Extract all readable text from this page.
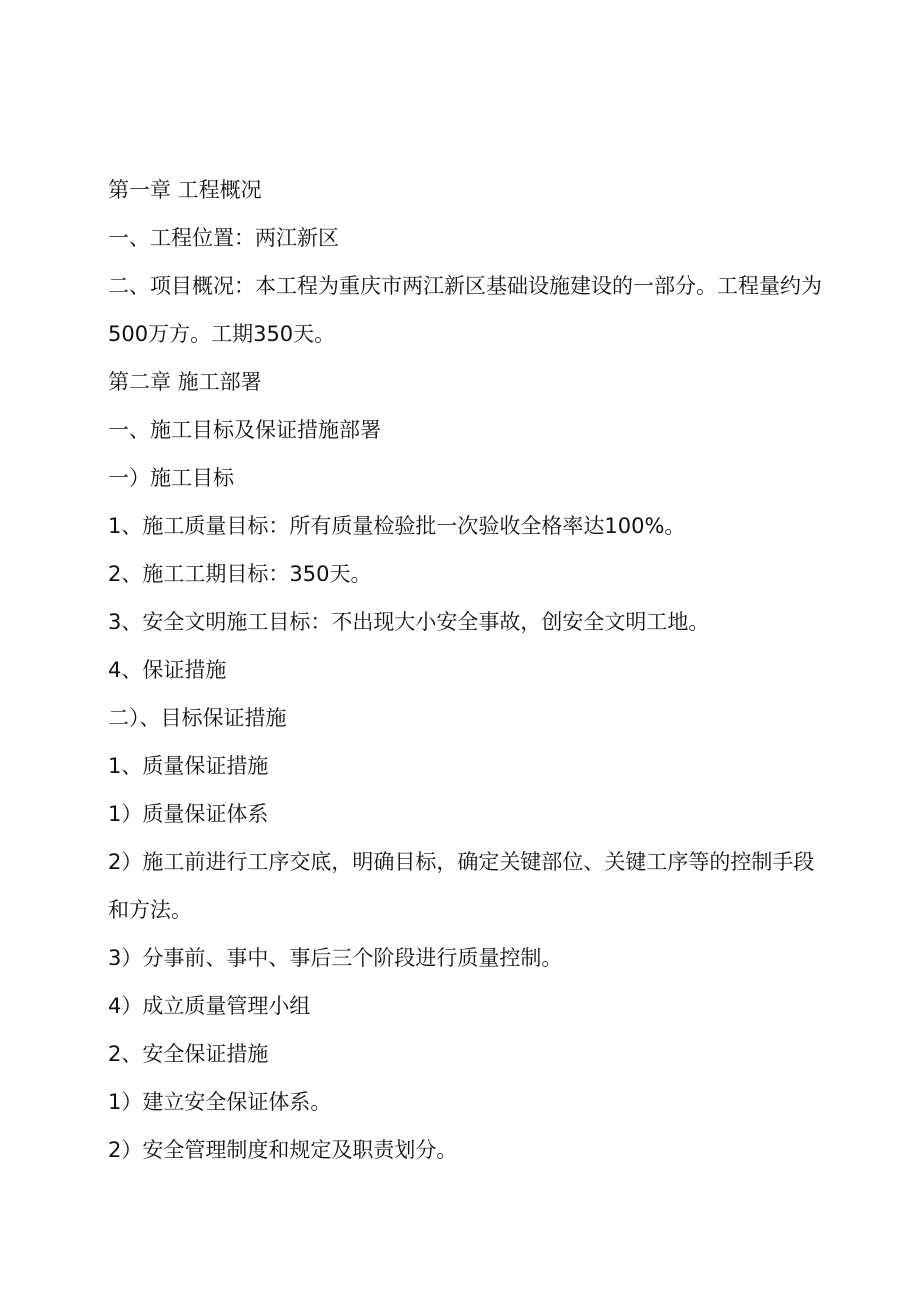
第一章 工程概况

一、工程位置：两江新区

二、项目概况：本工程为重庆市两江新区基础设施建设的一部分。工程量约为500万方。工期350天。

第二章 施工部署

一、施工目标及保证措施部署

一）施工目标

1、施工质量目标：所有质量检验批一次验收全格率达100%。

2、施工工期目标：350天。

3、安全文明施工目标：不出现大小安全事故，创安全文明工地。

4、保证措施

二）、目标保证措施

1、质量保证措施

1）质量保证体系

2）施工前进行工序交底，明确目标，确定关键部位、关键工序等的控制手段和方法。

3）分事前、事中、事后三个阶段进行质量控制。

4）成立质量管理小组

2、安全保证措施

1）建立安全保证体系。

2）安全管理制度和规定及职责划分。
